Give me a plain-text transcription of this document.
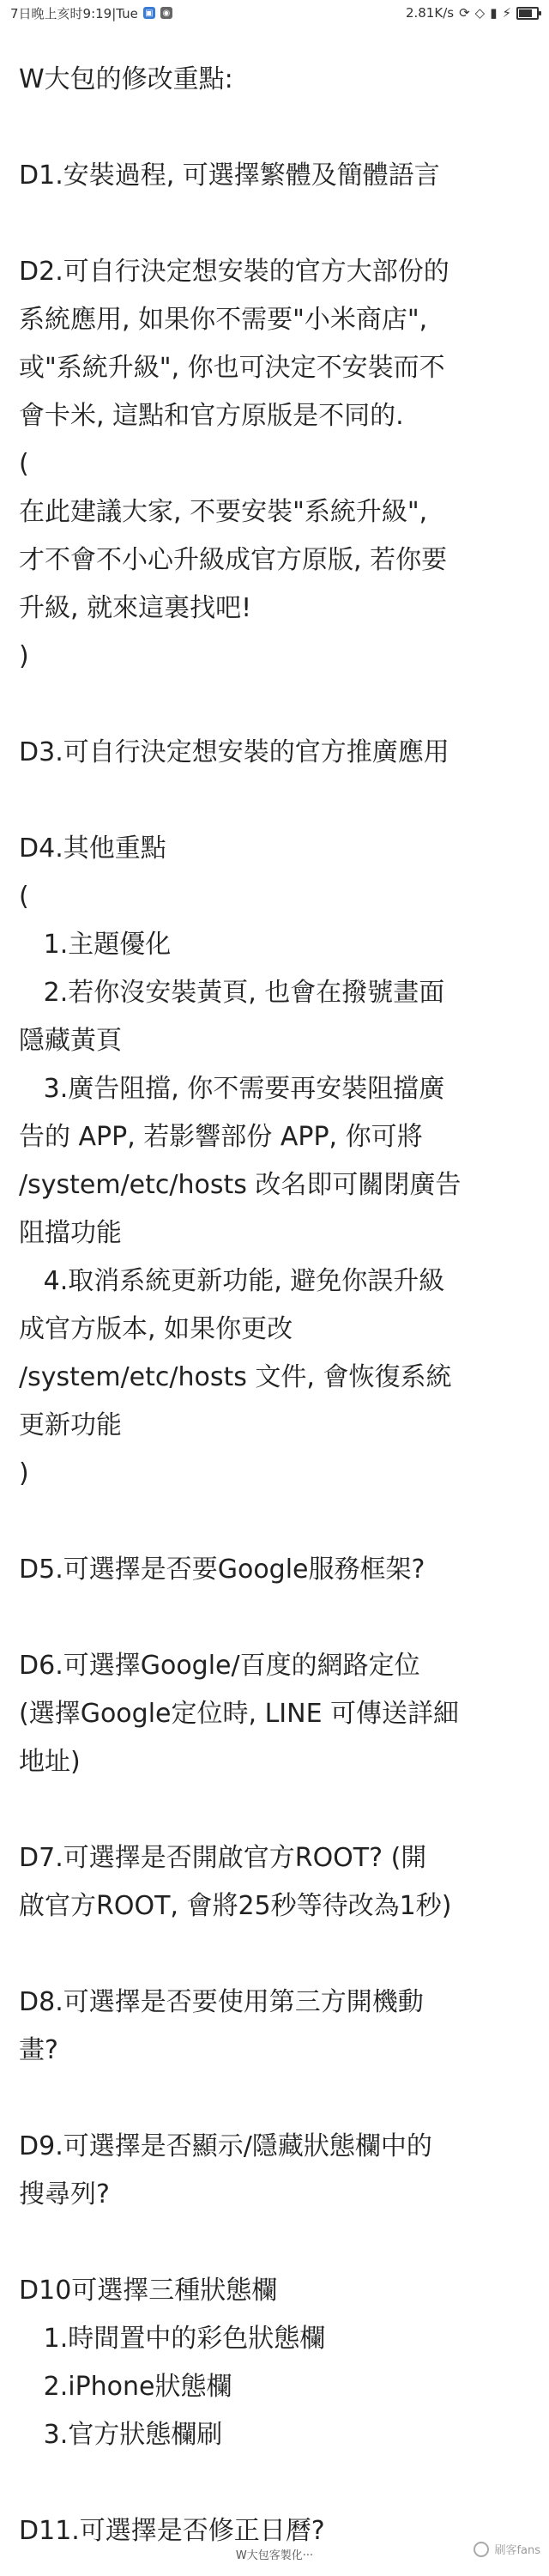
7日晚上亥时9:19|Tue ▣ ◉	2.81K/s ⟳ ◇ ▮ ⚡

W大包的修改重點:

D1.安裝過程, 可選擇繁體及簡體語言

D2.可自行決定想安裝的官方大部份的

系統應用, 如果你不需要"小米商店",

或"系統升級", 你也可決定不安裝而不

會卡米, 這點和官方原版是不同的.

(

在此建議大家, 不要安裝"系統升級",

才不會不小心升級成官方原版, 若你要

升級, 就來這裏找吧!

)

D3.可自行決定想安裝的官方推廣應用

D4.其他重點

(

1.主題優化

2.若你沒安裝黃頁, 也會在撥號畫面

隱藏黃頁

3.廣告阻擋, 你不需要再安裝阻擋廣

告的 APP, 若影響部份 APP, 你可將

/system/etc/hosts 改名即可關閉廣告

阻擋功能

4.取消系統更新功能, 避免你誤升級

成官方版本, 如果你更改

/system/etc/hosts 文件, 會恢復系統

更新功能

)

D5.可選擇是否要Google服務框架?

D6.可選擇Google/百度的網路定位

(選擇Google定位時, LINE 可傳送詳細

地址)

D7.可選擇是否開啟官方ROOT? (開

啟官方ROOT, 會將25秒等待改為1秒)

D8.可選擇是否要使用第三方開機動

畫?

D9.可選擇是否顯示/隱藏狀態欄中的

搜尋列?

D10可選擇三種狀態欄

1.時間置中的彩色狀態欄

2.iPhone狀態欄

3.官方狀態欄刷

D11.可選擇是否修正日曆?

W大包客製化···	刷客fans
